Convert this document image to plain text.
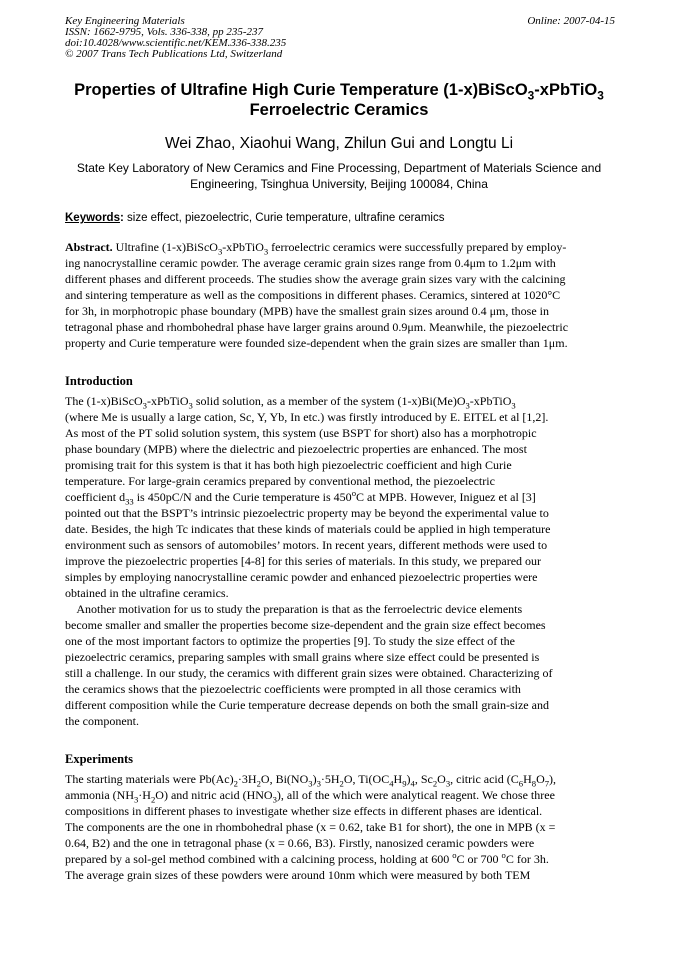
Key Engineering Materials
ISSN: 1662-9795, Vols. 336-338, pp 235-237
doi:10.4028/www.scientific.net/KEM.336-338.235
© 2007 Trans Tech Publications Ltd, Switzerland
Online: 2007-04-15
Properties of Ultrafine High Curie Temperature (1-x)BiScO$_3$-xPbTiO$_3$
Ferroelectric Ceramics
Wei Zhao, Xiaohui Wang, Zhilun Gui and Longtu Li
State Key Laboratory of New Ceramics and Fine Processing, Department of Materials Science and
Engineering, Tsinghua University, Beijing 100084, China
Keywords: size effect, piezoelectric, Curie temperature, ultrafine ceramics
Abstract. Ultrafine (1-x)BiScO$_3$-xPbTiO$_3$ ferroelectric ceramics were successfully prepared by employ-
ing nanocrystalline ceramic powder. The average ceramic grain sizes range from 0.4μm to 1.2μm with
different phases and different proceeds. The studies show the average grain sizes vary with the calcining
and sintering temperature as well as the compositions in different phases. Ceramics, sintered at 1020°C
for 3h, in morphotropic phase boundary (MPB) have the smallest grain sizes around 0.4 μm, those in
tetragonal phase and rhombohedral phase have larger grains around 0.9μm. Meanwhile, the piezoelectric
property and Curie temperature were founded size-dependent when the grain sizes are smaller than 1μm.
Introduction
The (1-x)BiScO$_3$-xPbTiO$_3$ solid solution, as a member of the system $(1-x)Bi(Me)O_3-xPbTiO_3$
(where Me is usually a large cation, Sc, Y, Yb, In etc.) was firstly introduced by E. EITEL et al [1,2].
As most of the PT solid solution system, this system (use BSPT for short) also has a morphotropic
phase boundary (MPB) where the dielectric and piezoelectric properties are enhanced. The most
promising trait for this system is that it has both high piezoelectric coefficient and high Curie
temperature. For large-grain ceramics prepared by conventional method, the piezoelectric
coefficient $d_{33}$ is 450pC/N and the Curie temperature is 450$^o$C at MPB. However, Iniguez et al [3]
pointed out that the BSPT’s intrinsic piezoelectric property may be beyond the experimental value to
date. Besides, the high Tc indicates that these kinds of materials could be applied in high temperature
environment such as sensors of automobiles’ motors. In recent years, different methods were used to
improve the piezoelectric properties [4-8] for this series of materials. In this study, we prepared our
simples by employing nanocrystalline ceramic powder and enhanced piezoelectric properties were
obtained in the ultrafine ceramics.
Another motivation for us to study the preparation is that as the ferroelectric device elements
become smaller and smaller the properties become size-dependent and the grain size effect becomes
one of the most important factors to optimize the properties [9]. To study the size effect of the
piezoelectric ceramics, preparing samples with small grains where size effect could be presented is
still a challenge. In our study, the ceramics with different grain sizes were obtained. Characterizing of
the ceramics shows that the piezoelectric coefficients were prompted in all those ceramics with
different composition while the Curie temperature decrease depends on both the small grain-size and
the component.
Experiments
The starting materials were $Pb(Ac)_2\cdot 3H_2O$, $Bi(NO_3)_3\cdot 5H_2O$, $Ti(OC_4H_9)_4$, $Sc_2O_3$, citric acid $(C_6H_8O_7)$,
ammonia $(NH_3\cdot H_2O)$ and nitric acid $(HNO_3)$, all of the which were analytical reagent. We chose three
compositions in different phases to investigate whether size effects in different phases are identical.
The components are the one in rhombohedral phase (x = 0.62, take B1 for short), the one in MPB (x =
0.64, B2) and the one in tetragonal phase (x = 0.66, B3). Firstly, nanosized ceramic powders were
prepared by a sol-gel method combined with a calcining process, holding at 600 $^o$C or 700 $^o$C for 3h.
The average grain sizes of these powders were around 10nm which were measured by both TEM
